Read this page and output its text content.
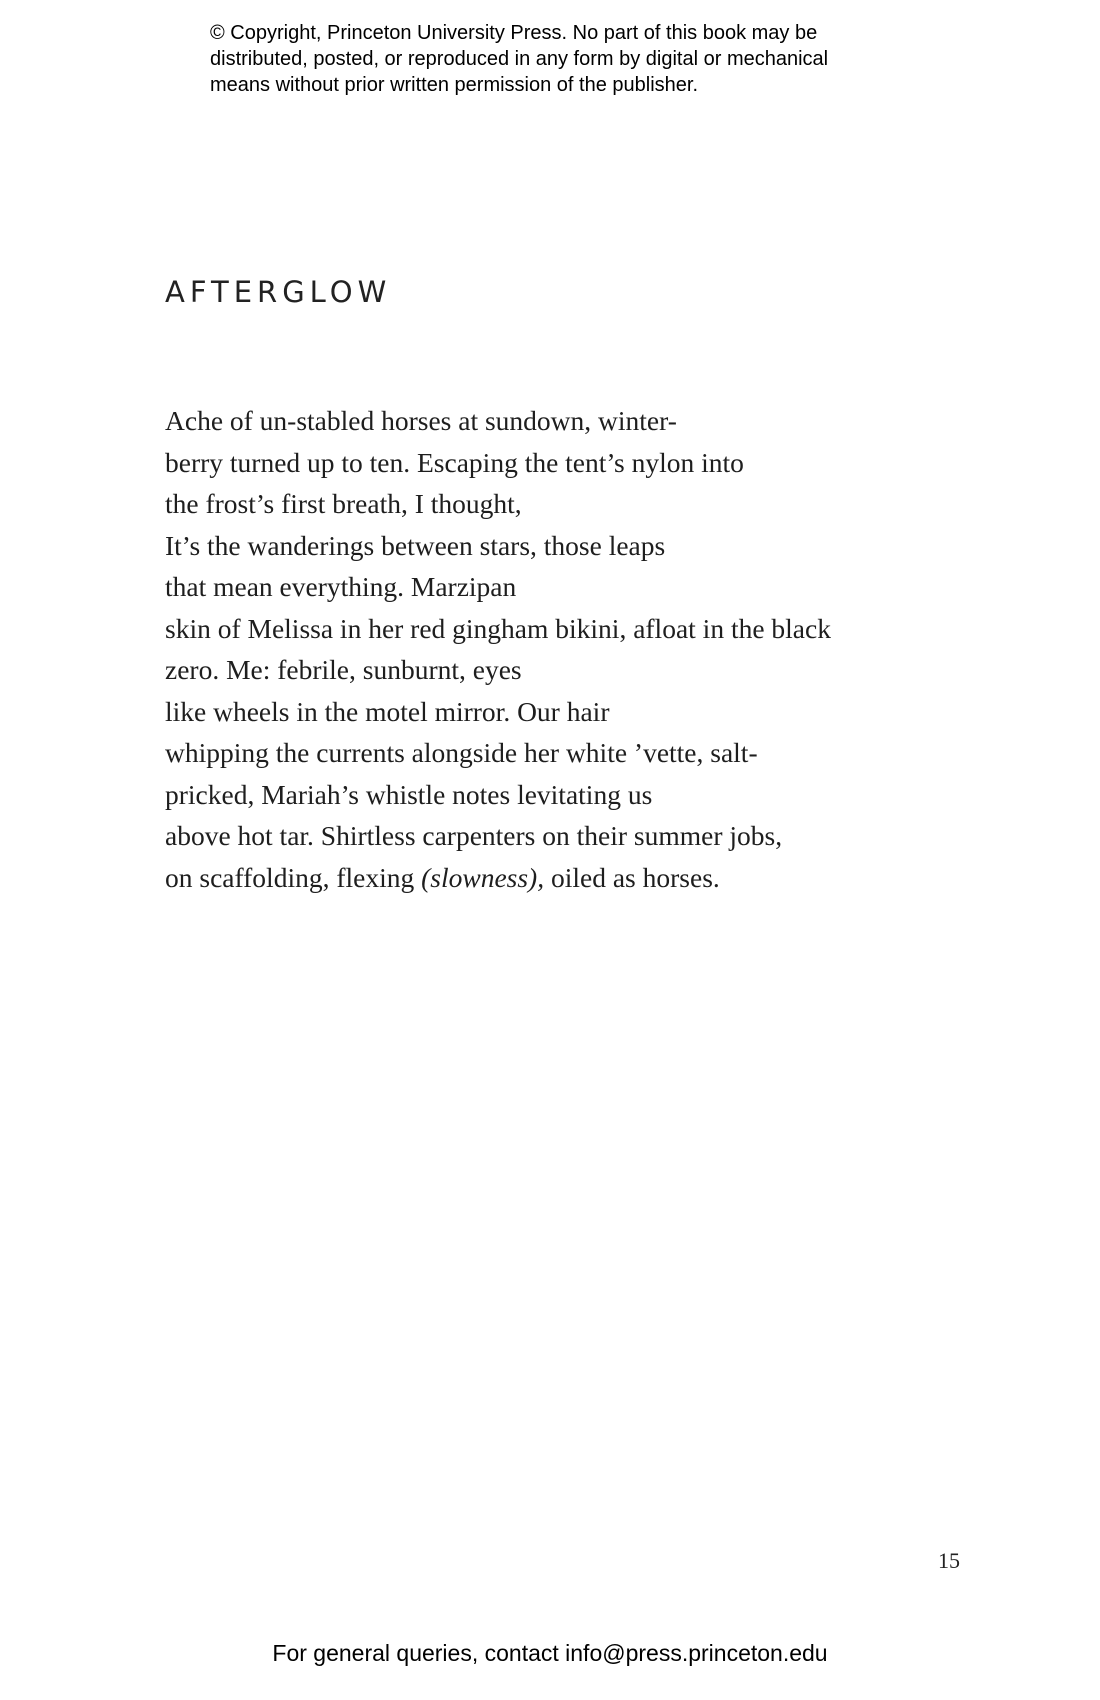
© Copyright, Princeton University Press. No part of this book may be
distributed, posted, or reproduced in any form by digital or mechanical
means without prior written permission of the publisher.
AFTERGLOW
Ache of un-stabled horses at sundown, winter-
berry turned up to ten. Escaping the tent’s nylon into
the frost’s first breath, I thought,
It’s the wanderings between stars, those leaps
that mean everything. Marzipan
skin of Melissa in her red gingham bikini, afloat in the black
zero. Me: febrile, sunburnt, eyes
like wheels in the motel mirror. Our hair
whipping the currents alongside her white ’vette, salt-
pricked, Mariah’s whistle notes levitating us
above hot tar. Shirtless carpenters on their summer jobs,
on scaffolding, flexing (slowness), oiled as horses.
15
For general queries, contact info@press.princeton.edu
